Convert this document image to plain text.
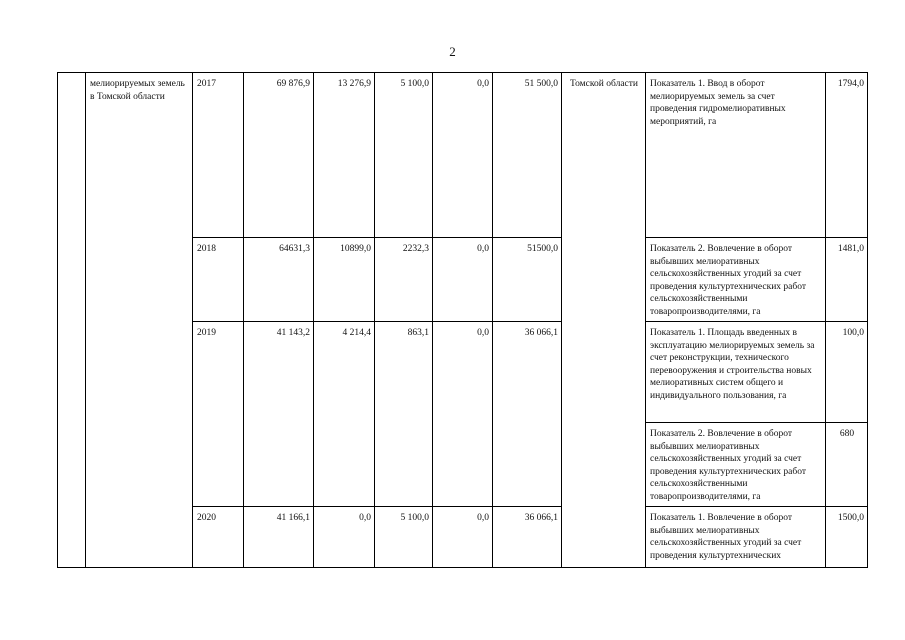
2
	мелиорируемых земель в Томской области	2017	69 876,9	13 276,9	5 100,0	0,0	51 500,0	Томской области	Показатель 1. Ввод в оборот мелиорируемых земель за счет проведения гидромелиоративных мероприятий, га	1794,0
		2018	64631,3	10899,0	2232,3	0,0	51500,0		Показатель 2. Вовлечение в оборот выбывших мелиоративных сельскохозяйственных угодий за счет проведения культуртехнических работ сельскохозяйственными товаропроизводителями, га	1481,0
		2019	41 143,2	4 214,4	863,1	0,0	36 066,1		Показатель 1. Площадь введенных в эксплуатацию мелиорируемых земель за счет реконструкции, технического перевооружения и строительства новых мелиоративных систем общего и индивидуального пользования, га	100,0
									Показатель 2. Вовлечение в оборот выбывших мелиоративных сельскохозяйственных угодий за счет проведения культуртехнических работ сельскохозяйственными товаропроизводителями, га	680
		2020	41 166,1	0,0	5 100,0	0,0	36 066,1		Показатель 1. Вовлечение в оборот выбывших мелиоративных сельскохозяйственных угодий за счет проведения культуртехнических	1500,0
